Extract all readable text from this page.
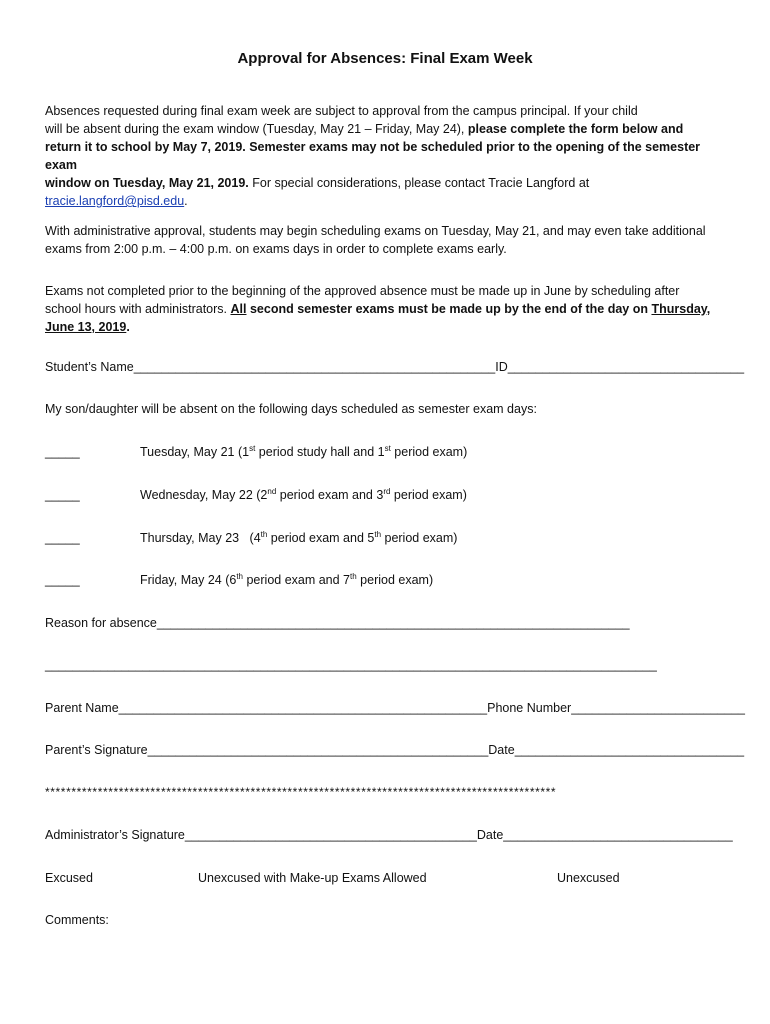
Approval for Absences: Final Exam Week
Absences requested during final exam week are subject to approval from the campus principal. If your child
will be absent during the exam window (Tuesday, May 21 – Friday, May 24), please complete the form below and
return it to school by May 7, 2019. Semester exams may not be scheduled prior to the opening of the semester exam
window on Tuesday, May 21, 2019. For special considerations, please contact Tracie Langford at
tracie.langford@pisd.edu.
With administrative approval, students may begin scheduling exams on Tuesday, May 21, and may even take additional
exams from 2:00 p.m. – 4:00 p.m. on exams days in order to complete exams early.
Exams not completed prior to the beginning of the approved absence must be made up in June by scheduling after
school hours with administrators. All second semester exams must be made up by the end of the day on Thursday,
June 13, 2019.
Student’s Name____________________________________________________ID__________________________________
My son/daughter will be absent on the following days scheduled as semester exam days:
_____	Tuesday, May 21 (1st period study hall and 1st period exam)
_____	Wednesday, May 22 (2nd period exam and 3rd period exam)
_____	Thursday, May 23   (4th period exam and 5th period exam)
_____	Friday, May 24 (6th period exam and 7th period exam)
Reason for absence____________________________________________________________________
________________________________________________________________________________________
Parent Name_____________________________________________________Phone Number_________________________
Parent’s Signature_________________________________________________Date_________________________________
*************************************************************************************************
Administrator’s Signature__________________________________________Date_________________________________
Excused	Unexcused with Make-up Exams Allowed	Unexcused
Comments:
